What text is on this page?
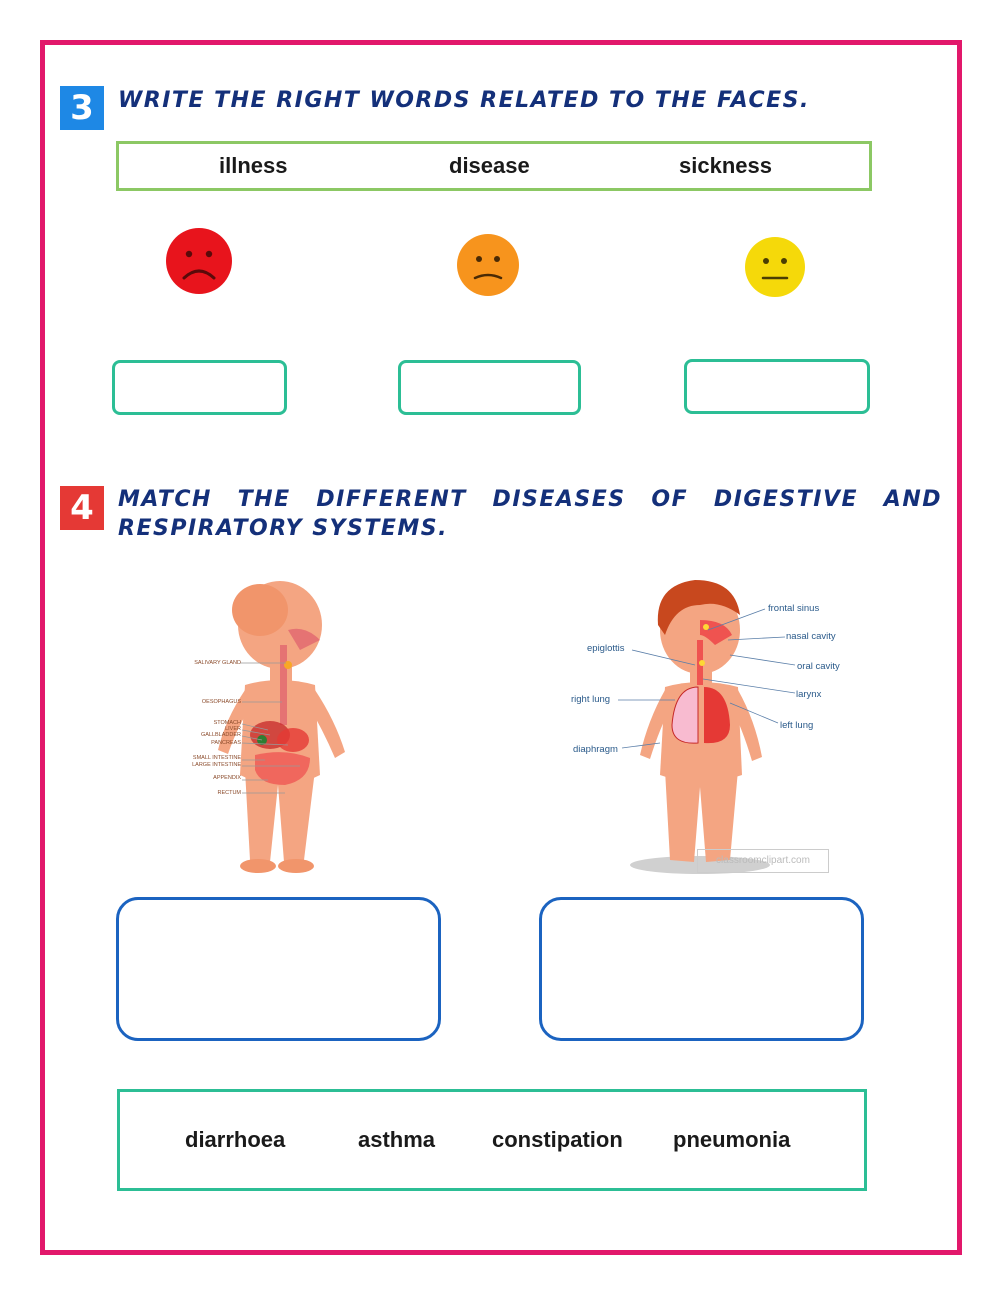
3	WRITE THE RIGHT WORDS RELATED TO THE FACES.
illness	disease	sickness
4	MATCH THE DIFFERENT DISEASES OF DIGESTIVE AND
RESPIRATORY SYSTEMS.
SALIVARY GLAND
OESOPHAGUS
STOMACH
LIVER
GALLBLADDER
PANCREAS
SMALL INTESTINE
LARGE INTESTINE
APPENDIX
RECTUM
frontal sinus
nasal cavity
oral cavity
larynx
left lung
epiglottis
right lung
diaphragm
classroomclipart.com
diarrhoea	asthma	constipation pneumonia
